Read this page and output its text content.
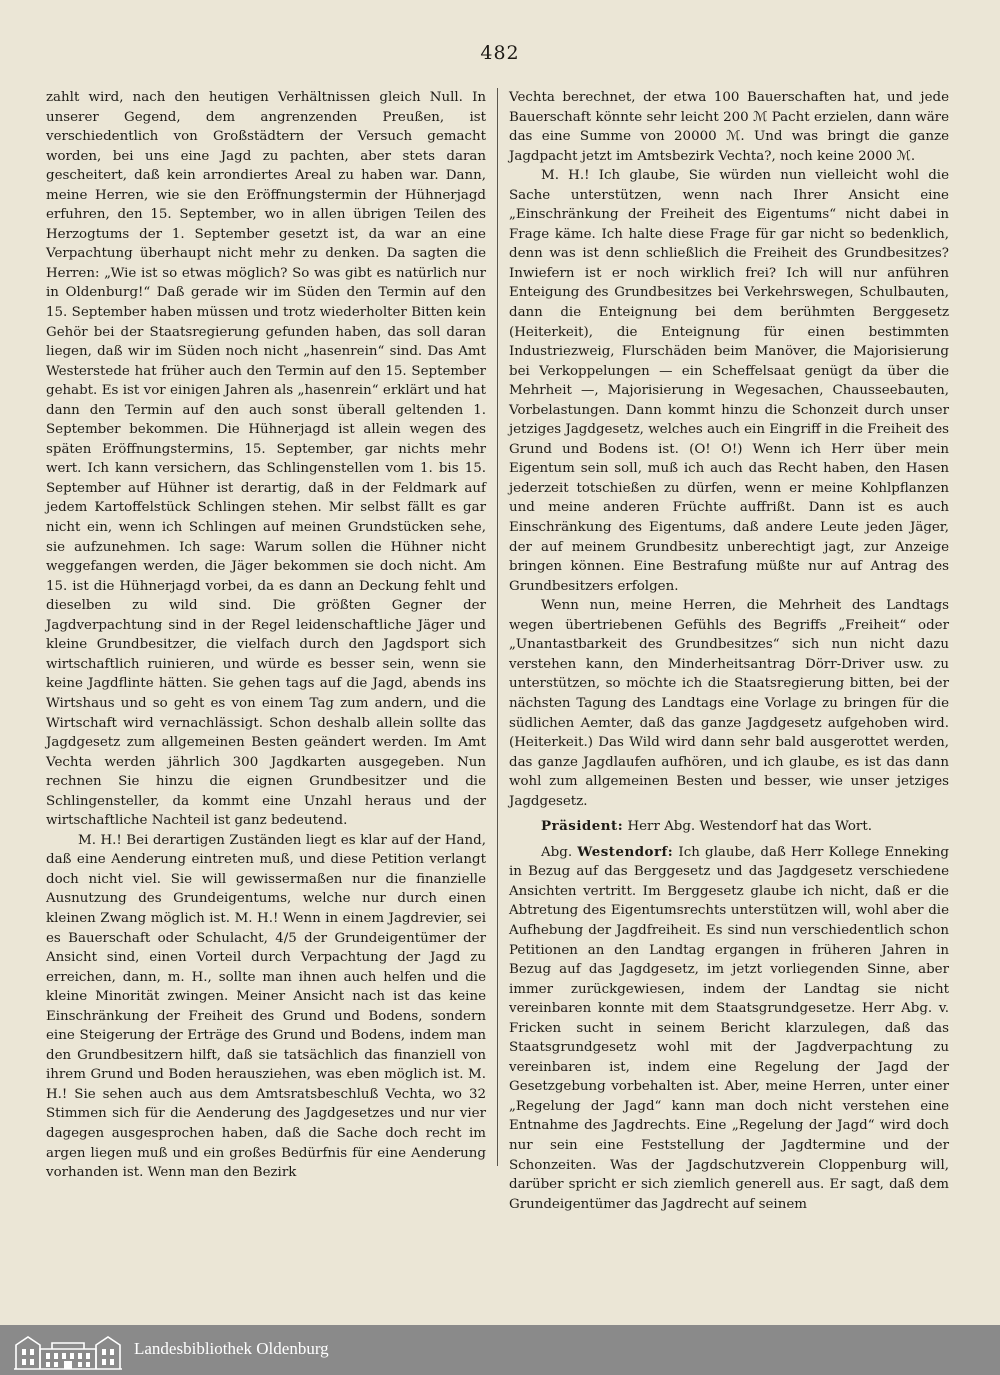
482

zahlt wird, nach den heutigen Verhältnissen gleich Null. In unserer Gegend, dem angrenzenden Preußen, ist verschiedentlich von Großstädtern der Versuch gemacht worden, bei uns eine Jagd zu pachten, aber stets daran gescheitert, daß kein arrondiertes Areal zu haben war. Dann, meine Herren, wie sie den Eröffnungstermin der Hühnerjagd erfuhren, den 15. September, wo in allen übrigen Teilen des Herzogtums der 1. September gesetzt ist, da war an eine Verpachtung überhaupt nicht mehr zu denken. Da sagten die Herren: „Wie ist so etwas möglich? So was gibt es natürlich nur in Oldenburg!“ Daß gerade wir im Süden den Termin auf den 15. September haben müssen und trotz wiederholter Bitten kein Gehör bei der Staatsregierung gefunden haben, das soll daran liegen, daß wir im Süden noch nicht „hasenrein“ sind. Das Amt Westerstede hat früher auch den Termin auf den 15. September gehabt. Es ist vor einigen Jahren als „hasenrein“ erklärt und hat dann den Termin auf den auch sonst überall geltenden 1. September bekommen. Die Hühnerjagd ist allein wegen des späten Eröffnungstermins, 15. September, gar nichts mehr wert. Ich kann versichern, das Schlingenstellen vom 1. bis 15. September auf Hühner ist derartig, daß in der Feldmark auf jedem Kartoffelstück Schlingen stehen. Mir selbst fällt es gar nicht ein, wenn ich Schlingen auf meinen Grundstücken sehe, sie aufzunehmen. Ich sage: Warum sollen die Hühner nicht weggefangen werden, die Jäger bekommen sie doch nicht. Am 15. ist die Hühnerjagd vorbei, da es dann an Deckung fehlt und dieselben zu wild sind. Die größten Gegner der Jagdverpachtung sind in der Regel leidenschaftliche Jäger und kleine Grundbesitzer, die vielfach durch den Jagdsport sich wirtschaftlich ruinieren, und würde es besser sein, wenn sie keine Jagdflinte hätten. Sie gehen tags auf die Jagd, abends ins Wirtshaus und so geht es von einem Tag zum andern, und die Wirtschaft wird vernachlässigt. Schon deshalb allein sollte das Jagdgesetz zum allgemeinen Besten geändert werden. Im Amt Vechta werden jährlich 300 Jagdkarten ausgegeben. Nun rechnen Sie hinzu die eignen Grundbesitzer und die Schlingensteller, da kommt eine Unzahl heraus und der wirtschaftliche Nachteil ist ganz bedeutend.

M. H.! Bei derartigen Zuständen liegt es klar auf der Hand, daß eine Aenderung eintreten muß, und diese Petition verlangt doch nicht viel. Sie will gewissermaßen nur die finanzielle Ausnutzung des Grundeigentums, welche nur durch einen kleinen Zwang möglich ist. M. H.! Wenn in einem Jagdrevier, sei es Bauerschaft oder Schulacht, 4/5 der Grundeigentümer der Ansicht sind, einen Vorteil durch Verpachtung der Jagd zu erreichen, dann, m. H., sollte man ihnen auch helfen und die kleine Minorität zwingen. Meiner Ansicht nach ist das keine Einschränkung der Freiheit des Grund und Bodens, sondern eine Steigerung der Erträge des Grund und Bodens, indem man den Grundbesitzern hilft, daß sie tatsächlich das finanziell von ihrem Grund und Boden herausziehen, was eben möglich ist. M. H.! Sie sehen auch aus dem Amtsratsbeschluß Vechta, wo 32 Stimmen sich für die Aenderung des Jagdgesetzes und nur vier dagegen ausgesprochen haben, daß die Sache doch recht im argen liegen muß und ein großes Bedürfnis für eine Aenderung vorhanden ist. Wenn man den Bezirk

Vechta berechnet, der etwa 100 Bauerschaften hat, und jede Bauerschaft könnte sehr leicht 200 ℳ Pacht erzielen, dann wäre das eine Summe von 20000 ℳ. Und was bringt die ganze Jagdpacht jetzt im Amtsbezirk Vechta?, noch keine 2000 ℳ.

M. H.! Ich glaube, Sie würden nun vielleicht wohl die Sache unterstützen, wenn nach Ihrer Ansicht eine „Einschränkung der Freiheit des Eigentums“ nicht dabei in Frage käme. Ich halte diese Frage für gar nicht so bedenklich, denn was ist denn schließlich die Freiheit des Grundbesitzes? Inwiefern ist er noch wirklich frei? Ich will nur anführen Enteigung des Grundbesitzes bei Verkehrswegen, Schulbauten, dann die Enteignung bei dem berühmten Berggesetz (Heiterkeit), die Enteignung für einen bestimmten Industriezweig, Flurschäden beim Manöver, die Majorisierung bei Verkoppelungen — ein Scheffelsaat genügt da über die Mehrheit —, Majorisierung in Wegesachen, Chausseebauten, Vorbelastungen. Dann kommt hinzu die Schonzeit durch unser jetziges Jagdgesetz, welches auch ein Eingriff in die Freiheit des Grund und Bodens ist. (O! O!) Wenn ich Herr über mein Eigentum sein soll, muß ich auch das Recht haben, den Hasen jederzeit totschießen zu dürfen, wenn er meine Kohlpflanzen und meine anderen Früchte auffrißt. Dann ist es auch Einschränkung des Eigentums, daß andere Leute jeden Jäger, der auf meinem Grundbesitz unberechtigt jagt, zur Anzeige bringen können. Eine Bestrafung müßte nur auf Antrag des Grundbesitzers erfolgen.

Wenn nun, meine Herren, die Mehrheit des Landtags wegen übertriebenen Gefühls des Begriffs „Freiheit“ oder „Unantastbarkeit des Grundbesitzes“ sich nun nicht dazu verstehen kann, den Minderheitsantrag Dörr-Driver usw. zu unterstützen, so möchte ich die Staatsregierung bitten, bei der nächsten Tagung des Landtags eine Vorlage zu bringen für die südlichen Aemter, daß das ganze Jagdgesetz aufgehoben wird. (Heiterkeit.) Das Wild wird dann sehr bald ausgerottet werden, das ganze Jagdlaufen aufhören, und ich glaube, es ist das dann wohl zum allgemeinen Besten und besser, wie unser jetziges Jagdgesetz.

Präsident: Herr Abg. Westendorf hat das Wort.

Abg. Westendorf: Ich glaube, daß Herr Kollege Enneking in Bezug auf das Berggesetz und das Jagdgesetz verschiedene Ansichten vertritt. Im Berggesetz glaube ich nicht, daß er die Abtretung des Eigentumsrechts unterstützen will, wohl aber die Aufhebung der Jagdfreiheit. Es sind nun verschiedentlich schon Petitionen an den Landtag ergangen in früheren Jahren in Bezug auf das Jagdgesetz, im jetzt vorliegenden Sinne, aber immer zurückgewiesen, indem der Landtag sie nicht vereinbaren konnte mit dem Staatsgrundgesetze. Herr Abg. v. Fricken sucht in seinem Bericht klarzulegen, daß das Staatsgrundgesetz wohl mit der Jagdverpachtung zu vereinbaren ist, indem eine Regelung der Jagd der Gesetzgebung vorbehalten ist. Aber, meine Herren, unter einer „Regelung der Jagd“ kann man doch nicht verstehen eine Entnahme des Jagdrechts. Eine „Regelung der Jagd“ wird doch nur sein eine Feststellung der Jagdtermine und der Schonzeiten. Was der Jagdschutzverein Cloppenburg will, darüber spricht er sich ziemlich generell aus. Er sagt, daß dem Grundeigentümer das Jagdrecht auf seinem

Landesbibliothek Oldenburg
